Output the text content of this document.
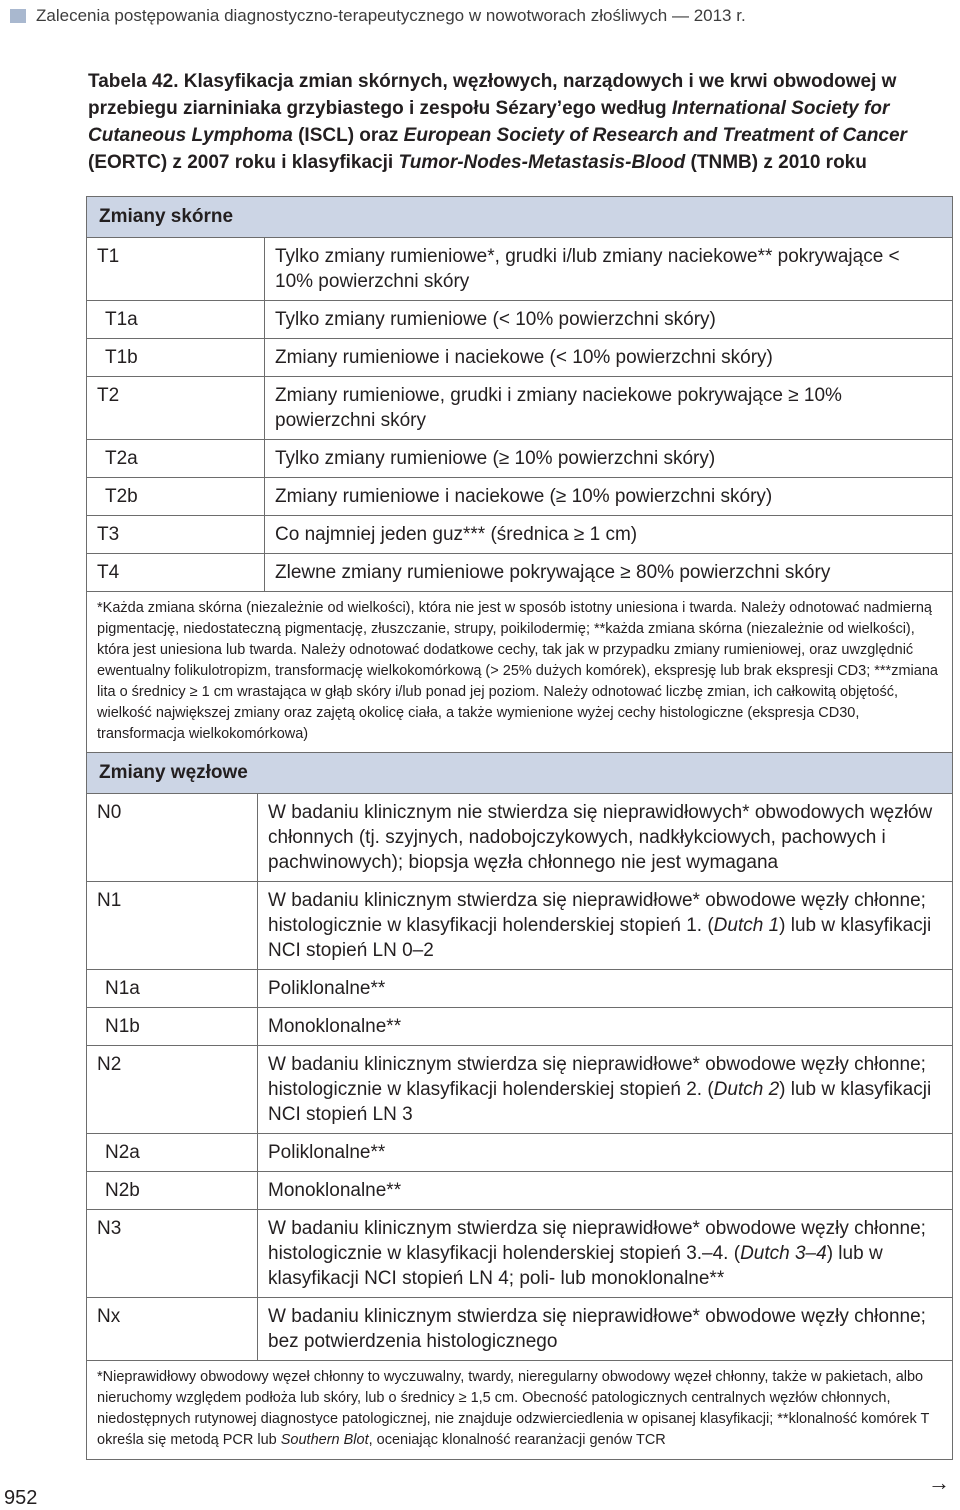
Zalecenia postępowania diagnostyczno-terapeutycznego w nowotworach złośliwych — 2013 r.
Tabela 42. Klasyfikacja zmian skórnych, węzłowych, narządowych i we krwi obwodowej w przebiegu ziarniniaka grzybiastego i zespołu Sézary’ego według International Society for Cutaneous Lymphoma (ISCL) oraz European Society of Research and Treatment of Cancer (EORTC) z 2007 roku i klasyfikacji Tumor-Nodes-Metastasis-Blood (TNMB) z 2010 roku
Zmiany skórne
T1	Tylko zmiany rumieniowe*, grudki i/lub zmiany naciekowe** pokrywające < 10% powierzchni skóry
T1a	Tylko zmiany rumieniowe (< 10% powierzchni skóry)
T1b	Zmiany rumieniowe i naciekowe (< 10% powierzchni skóry)
T2	Zmiany rumieniowe, grudki i zmiany naciekowe pokrywające ≥ 10% powierzchni skóry
T2a	Tylko zmiany rumieniowe (≥ 10% powierzchni skóry)
T2b	Zmiany rumieniowe i naciekowe (≥ 10% powierzchni skóry)
T3	Co najmniej jeden guz*** (średnica ≥ 1 cm)
T4	Zlewne zmiany rumieniowe pokrywające ≥ 80% powierzchni skóry
*Każda zmiana skórna (niezależnie od wielkości), która nie jest w sposób istotny uniesiona i twarda. Należy odnotować nadmierną pigmentację, niedostateczną pigmentację, złuszczanie, strupy, poikilodermię; **każda zmiana skórna (niezależnie od wielkości), która jest uniesiona lub twarda. Należy odnotować dodatkowe cechy, tak jak w przypadku zmiany rumieniowej, oraz uwzględnić ewentualny folikulotropizm, transformację wielkokomórkową (> 25% dużych komórek), ekspresję lub brak ekspresji CD3; ***zmiana lita o średnicy ≥ 1 cm wrastająca w głąb skóry i/lub ponad jej poziom. Należy odnotować liczbę zmian, ich całkowitą objętość, wielkość największej zmiany oraz zajętą okolicę ciała, a także wymienione wyżej cechy histologiczne (ekspresja CD30, transformacja wielkokomórkowa)
Zmiany węzłowe
N0	W badaniu klinicznym nie stwierdza się nieprawidłowych* obwodowych węzłów chłonnych (tj. szyjnych, nadobojczykowych, nadkłykciowych, pachowych i pachwinowych); biopsja węzła chłonnego nie jest wymagana
N1	W badaniu klinicznym stwierdza się nieprawidłowe* obwodowe węzły chłonne; histologicznie w klasyfikacji holenderskiej stopień 1. (Dutch 1) lub w klasyfikacji NCI stopień LN 0–2
N1a	Poliklonalne**
N1b	Monoklonalne**
N2	W badaniu klinicznym stwierdza się nieprawidłowe* obwodowe węzły chłonne; histologicznie w klasyfikacji holenderskiej stopień 2. (Dutch 2) lub w klasyfikacji NCI stopień LN 3
N2a	Poliklonalne**
N2b	Monoklonalne**
N3	W badaniu klinicznym stwierdza się nieprawidłowe* obwodowe węzły chłonne; histologicznie w klasyfikacji holenderskiej stopień 3.–4. (Dutch 3–4) lub w klasyfikacji NCI stopień LN 4; poli- lub monoklonalne**
Nx	W badaniu klinicznym stwierdza się nieprawidłowe* obwodowe węzły chłonne; bez potwierdzenia histologicznego
*Nieprawidłowy obwodowy węzeł chłonny to wyczuwalny, twardy, nieregularny obwodowy węzeł chłonny, także w pakietach, albo nieruchomy względem podłoża lub skóry, lub o średnicy ≥ 1,5 cm. Obecność patologicznych centralnych węzłów chłonnych, niedostępnych rutynowej diagnostyce patologicznej, nie znajduje odzwierciedlenia w opisanej klasyfikacji; **klonalność komórek T określa się metodą PCR lub Southern Blot, oceniając klonalność rearanżacji genów TCR
952
→
